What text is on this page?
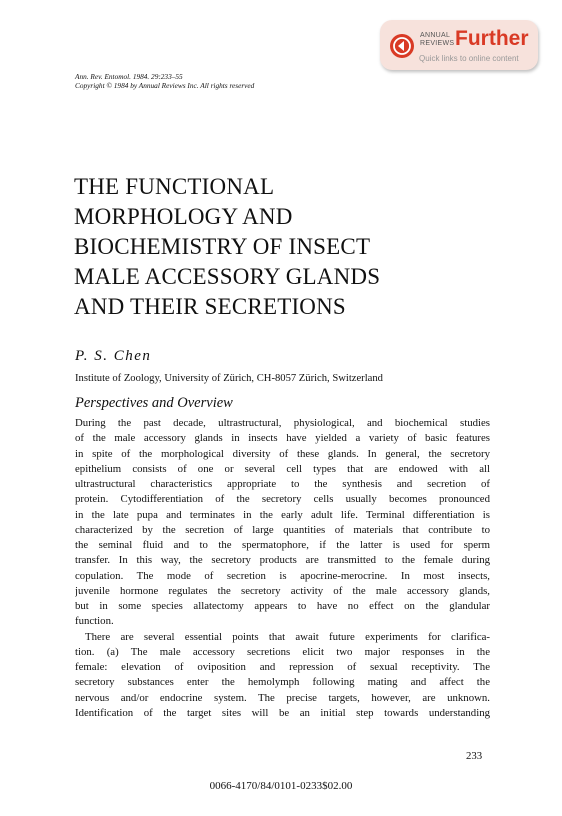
ANNUAL
REVIEWS Further
Quick links to online content
Ann. Rev. Entomol. 1984. 29:233–55
Copyright © 1984 by Annual Reviews Inc. All rights reserved
THE FUNCTIONAL
MORPHOLOGY AND
BIOCHEMISTRY OF INSECT
MALE ACCESSORY GLANDS
AND THEIR SECRETIONS
P. S. Chen
Institute of Zoology, University of Zürich, CH-8057 Zürich, Switzerland
Perspectives and Overview
During the past decade, ultrastructural, physiological, and biochemical studies
of the male accessory glands in insects have yielded a variety of basic features
in spite of the morphological diversity of these glands. In general, the secretory
epithelium consists of one or several cell types that are endowed with all
ultrastructural characteristics appropriate to the synthesis and secretion of
protein. Cytodifferentiation of the secretory cells usually becomes pronounced
in the late pupa and terminates in the early adult life. Terminal differentiation is
characterized by the secretion of large quantities of materials that contribute to
the seminal fluid and to the spermatophore, if the latter is used for sperm
transfer. In this way, the secretory products are transmitted to the female during
copulation. The mode of secretion is apocrine-merocrine. In most insects,
juvenile hormone regulates the secretory activity of the male accessory glands,
but in some species allatectomy appears to have no effect on the glandular
function.
There are several essential points that await future experiments for clarifica-
tion. (a) The male accessory secretions elicit two major responses in the
female: elevation of oviposition and repression of sexual receptivity. The
secretory substances enter the hemolymph following mating and affect the
nervous and/or endocrine system. The precise targets, however, are unknown.
Identification of the target sites will be an initial step towards understanding
233
0066-4170/84/0101-0233$02.00
